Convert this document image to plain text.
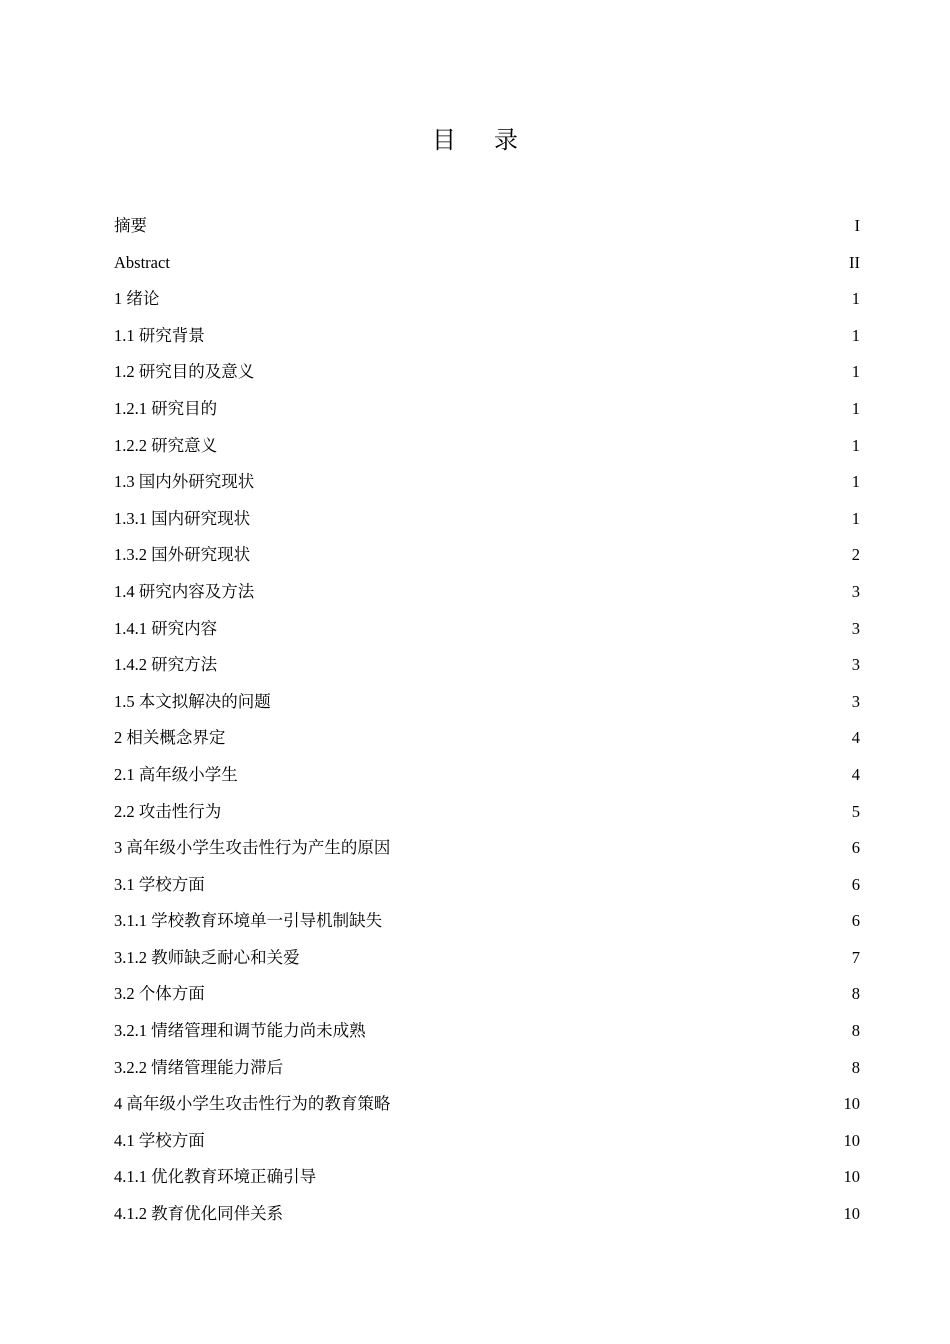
目 录
摘要	I
Abstract	II
1 绪论	1
1.1 研究背景	1
1.2 研究目的及意义	1
1.2.1 研究目的	1
1.2.2 研究意义	1
1.3 国内外研究现状	1
1.3.1 国内研究现状	1
1.3.2 国外研究现状	2
1.4 研究内容及方法	3
1.4.1 研究内容	3
1.4.2 研究方法	3
1.5 本文拟解决的问题	3
2 相关概念界定	4
2.1 高年级小学生	4
2.2 攻击性行为	5
3 高年级小学生攻击性行为产生的原因	6
3.1 学校方面	6
3.1.1 学校教育环境单一引导机制缺失	6
3.1.2 教师缺乏耐心和关爱	7
3.2 个体方面	8
3.2.1 情绪管理和调节能力尚未成熟	8
3.2.2 情绪管理能力滞后	8
4 高年级小学生攻击性行为的教育策略	10
4.1 学校方面	10
4.1.1 优化教育环境正确引导	10
4.1.2 教育优化同伴关系	10
